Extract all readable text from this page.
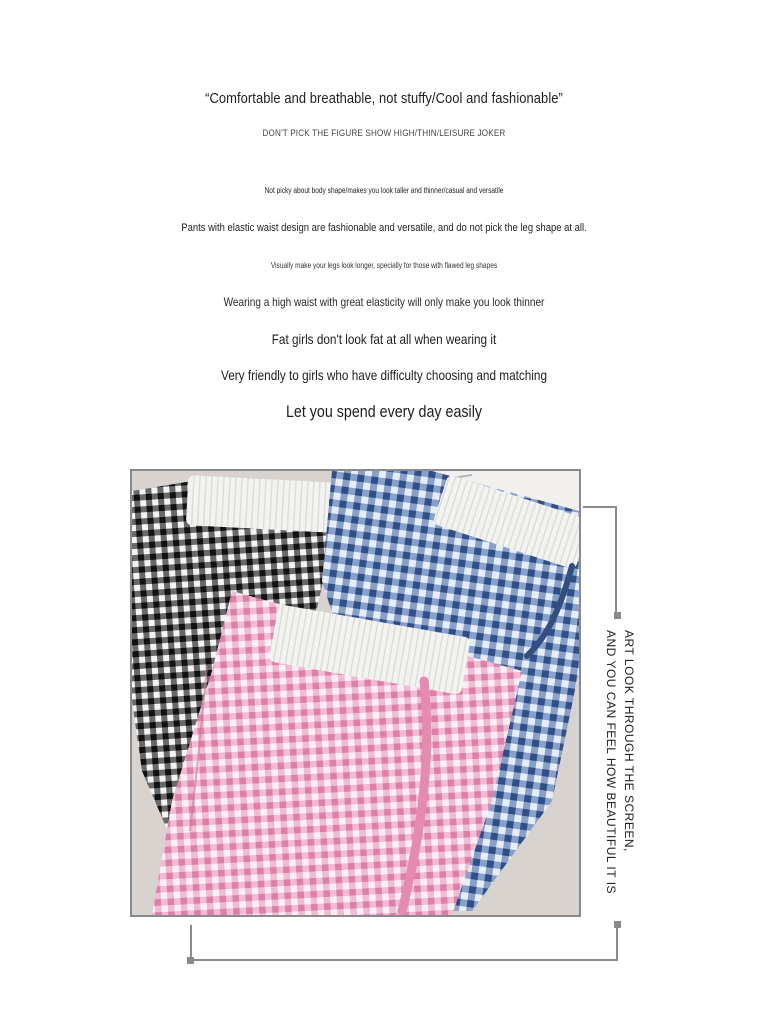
“Comfortable and breathable, not stuffy/Cool and fashionable”
DON'T PICK THE FIGURE SHOW HIGH/THIN/LEISURE JOKER
Not picky about body shape/makes you look taller and thinner/casual and versatile
Pants with elastic waist design are fashionable and versatile, and do not pick the leg shape at all.
Visually make your legs look longer, specially for those with flawed leg shapes
Wearing a high waist with great elasticity will only make you look thinner
Fat girls don't look fat at all when wearing it
Very friendly to girls who have difficulty choosing and matching
Let you spend every day easily
ART LOOK THROUGH THE SCREEN,
AND YOU CAN FEEL HOW BEAUTIFUL IT IS
